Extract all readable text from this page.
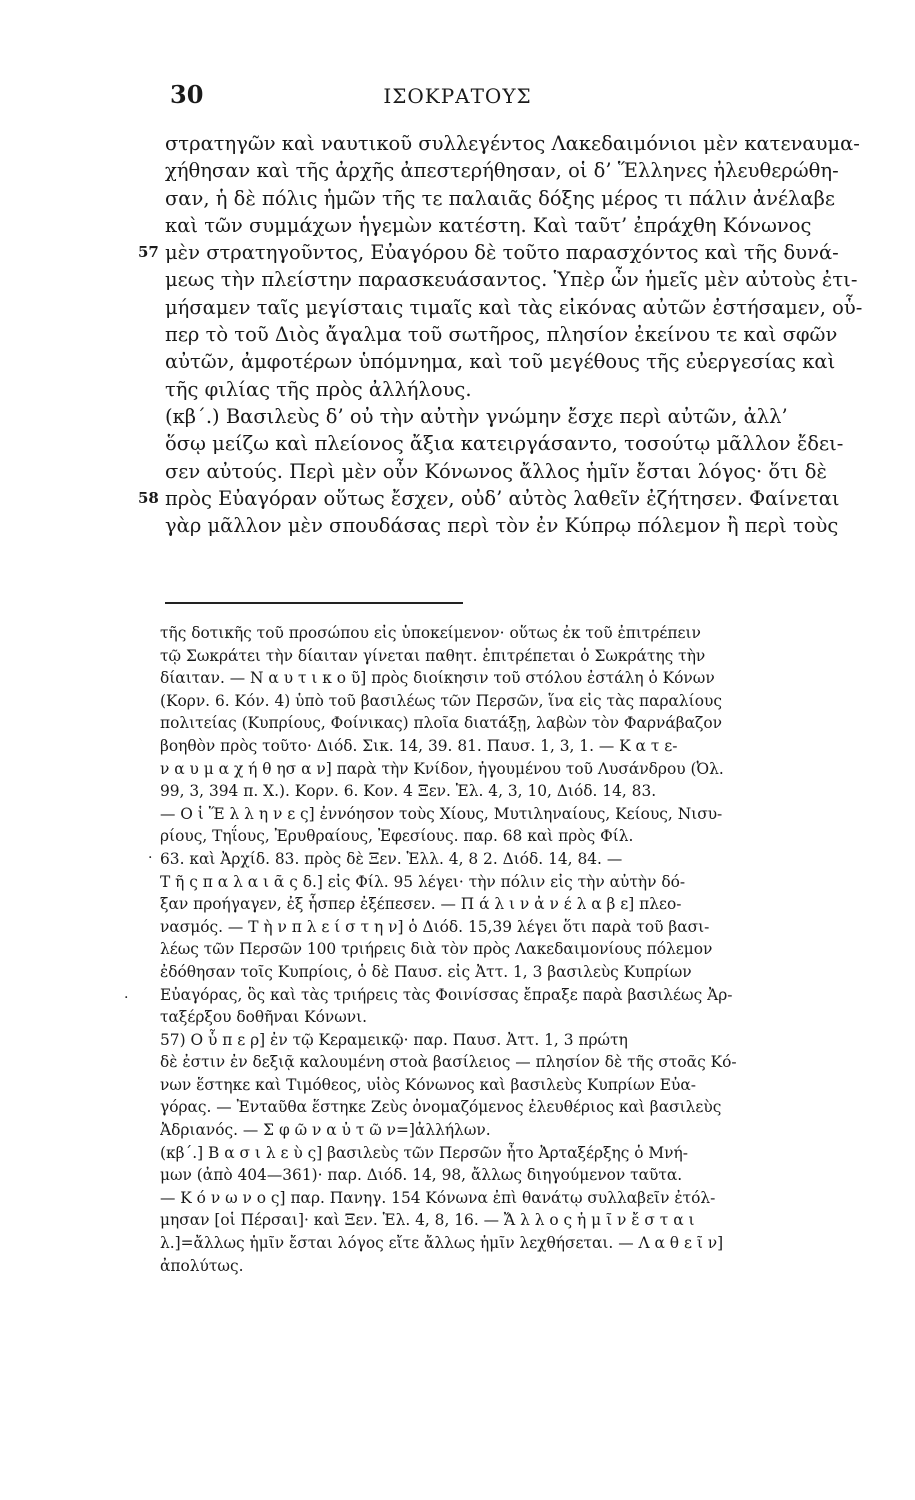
30	ΙΣΟΚΡΑΤΟΥΣ
στρατηγῶν καὶ ναυτικοῦ συλλεγέντος Λακεδαιμόνιοι μὲν κατεναυμα-
χήθησαν καὶ τῆς ἀρχῆς ἀπεστερήθησαν, οἱ δ’ Ἕλληνες ἠλευθερώθη-
σαν, ἡ δὲ πόλις ἡμῶν τῆς τε παλαιᾶς δόξης μέρος τι πάλιν ἀνέλαβε
καὶ τῶν συμμάχων ἡγεμὼν κατέστη. Καὶ ταῦτ’ ἐπράχθη Κόνωνος
57 μὲν στρατηγοῦντος, Εὐαγόρου δὲ τοῦτο παρασχόντος καὶ τῆς δυνά-
μεως τὴν πλείστην παρασκευάσαντος. Ὑπὲρ ὧν ἡμεῖς μὲν αὐτοὺς ἐτι-
μήσαμεν ταῖς μεγίσταις τιμαῖς καὶ τὰς εἰκόνας αὐτῶν ἐστήσαμεν, οὗ-
περ τὸ τοῦ Διὸς ἄγαλμα τοῦ σωτῆρος, πλησίον ἐκείνου τε καὶ σφῶν
αὐτῶν, ἀμφοτέρων ὑπόμνημα, καὶ τοῦ μεγέθους τῆς εὐεργεσίας καὶ
τῆς φιλίας τῆς πρὸς ἀλλήλους.
(κβ΄.) Βασιλεὺς δ’ οὐ τὴν αὐτὴν γνώμην ἔσχε περὶ αὐτῶν, ἀλλ’
ὅσῳ μείζω καὶ πλείονος ἄξια κατειργάσαντο, τοσούτῳ μᾶλλον ἔδει-
σεν αὐτούς. Περὶ μὲν οὖν Κόνωνος ἄλλος ἡμῖν ἔσται λόγος· ὅτι δὲ
58 πρὸς Εὐαγόραν οὕτως ἔσχεν, οὐδ’ αὐτὸς λαθεῖν ἐζήτησεν. Φαίνεται
γὰρ μᾶλλον μὲν σπουδάσας περὶ τὸν ἐν Κύπρῳ πόλεμον ἢ περὶ τοὺς
τῆς δοτικῆς τοῦ προσώπου εἰς ὑποκείμενον· οὕτως ἐκ τοῦ ἐπιτρέπειν
τῷ Σωκράτει τὴν δίαιταν γίνεται παθητ. ἐπιτρέπεται ὁ Σωκράτης τὴν
δίαιταν. — Ν α υ τ ι κ ο ῦ] πρὸς διοίκησιν τοῦ στόλου ἐστάλη ὁ Κόνων
(Κορν. 6. Κόν. 4) ὑπὸ τοῦ βασιλέως τῶν Περσῶν, ἵνα εἰς τὰς παραλίους
πολιτείας (Κυπρίους, Φοίνικας) πλοῖα διατάξῃ, λαβὼν τὸν Φαρνάβαζον
βοηθὸν πρὸς τοῦτο· Διόδ. Σικ. 14, 39. 81. Παυσ. 1, 3, 1. — Κ α τ ε-
ν α υ μ α χ ή θ ησ α ν] παρὰ τὴν Κνίδον, ἡγουμένου τοῦ Λυσάνδρου (Ὀλ.
99, 3, 394 π. Χ.). Κορν. 6. Κον. 4 Ξεν. Ἑλ. 4, 3, 10, Διόδ. 14, 83.
— Ο ἱ Ἕ λ λ η ν ε ς] ἐννόησον τοὺς Χίους, Μυτιληναίους, Κείους, Νισυ-
ρίους, Τηΐους, Ἐρυθραίους, Ἐφεσίους. παρ. 68 καὶ πρὸς Φίλ.
63. καὶ Ἀρχίδ. 83. πρὸς δὲ Ξεν. Ἑλλ. 4, 8 2. Διόδ. 14, 84. —
Τ ῆ ς π α λ α ι ᾶ ς δ.] εἰς Φίλ. 95 λέγει· τὴν πόλιν εἰς τὴν αὐτὴν δό-
ξαν προήγαγεν, ἐξ ἧσπερ ἐξέπεσεν. — Π ά λ ι ν ἀ ν έ λ α β ε] πλεο-
νασμός. — Τ ὴ ν π λ ε ί σ τ η ν] ὁ Διόδ. 15,39 λέγει ὅτι παρὰ τοῦ βασι-
λέως τῶν Περσῶν 100 τριήρεις διὰ τὸν πρὸς Λακεδαιμονίους πόλεμον
ἐδόθησαν τοῖς Κυπρίοις, ὁ δὲ Παυσ. εἰς Ἀττ. 1, 3 βασιλεὺς Κυπρίων
Εὐαγόρας, ὃς καὶ τὰς τριήρεις τὰς Φοινίσσας ἔπραξε παρὰ βασιλέως Ἀρ-
ταξέρξου δοθῆναι Κόνωνι.
57) Ο ὗ π ε ρ] ἐν τῷ Κεραμεικῷ· παρ. Παυσ. Ἀττ. 1, 3 πρώτη
δὲ ἐστιν ἐν δεξιᾷ καλουμένη στοὰ βασίλειος — πλησίον δὲ τῆς στοᾶς Κό-
νων ἕστηκε καὶ Τιμόθεος, υἱὸς Κόνωνος καὶ βασιλεὺς Κυπρίων Εὐα-
γόρας. — Ἐνταῦθα ἕστηκε Ζεὺς ὀνομαζόμενος ἐλευθέριος καὶ βασιλεὺς
Ἀδριανός. — Σ φ ῶ ν α ὐ τ ῶ ν=]ἀλλήλων.
(κβ΄.] Β α σ ι λ ε ὺ ς] βασιλεὺς τῶν Περσῶν ἦτο Ἀρταξέρξης ὁ Μνή-
μων (ἀπὸ 404—361)· παρ. Διόδ. 14, 98, ἄλλως διηγούμενον ταῦτα.
— Κ ό ν ω ν ο ς] παρ. Πανηγ. 154 Κόνωνα ἐπὶ θανάτῳ συλλαβεῖν ἐτόλ-
μησαν [οἱ Πέρσαι]· καὶ Ξεν. Ἑλ. 4, 8, 16. — Ἄ λ λ ο ς ἡ μ ῖ ν ἔ σ τ α ι
λ.]=ἄλλως ἡμῖν ἔσται λόγος εἴτε ἄλλως ἡμῖν λεχθήσεται. — Λ α θ ε ῖ ν]
ἀπολύτως.
.
.
